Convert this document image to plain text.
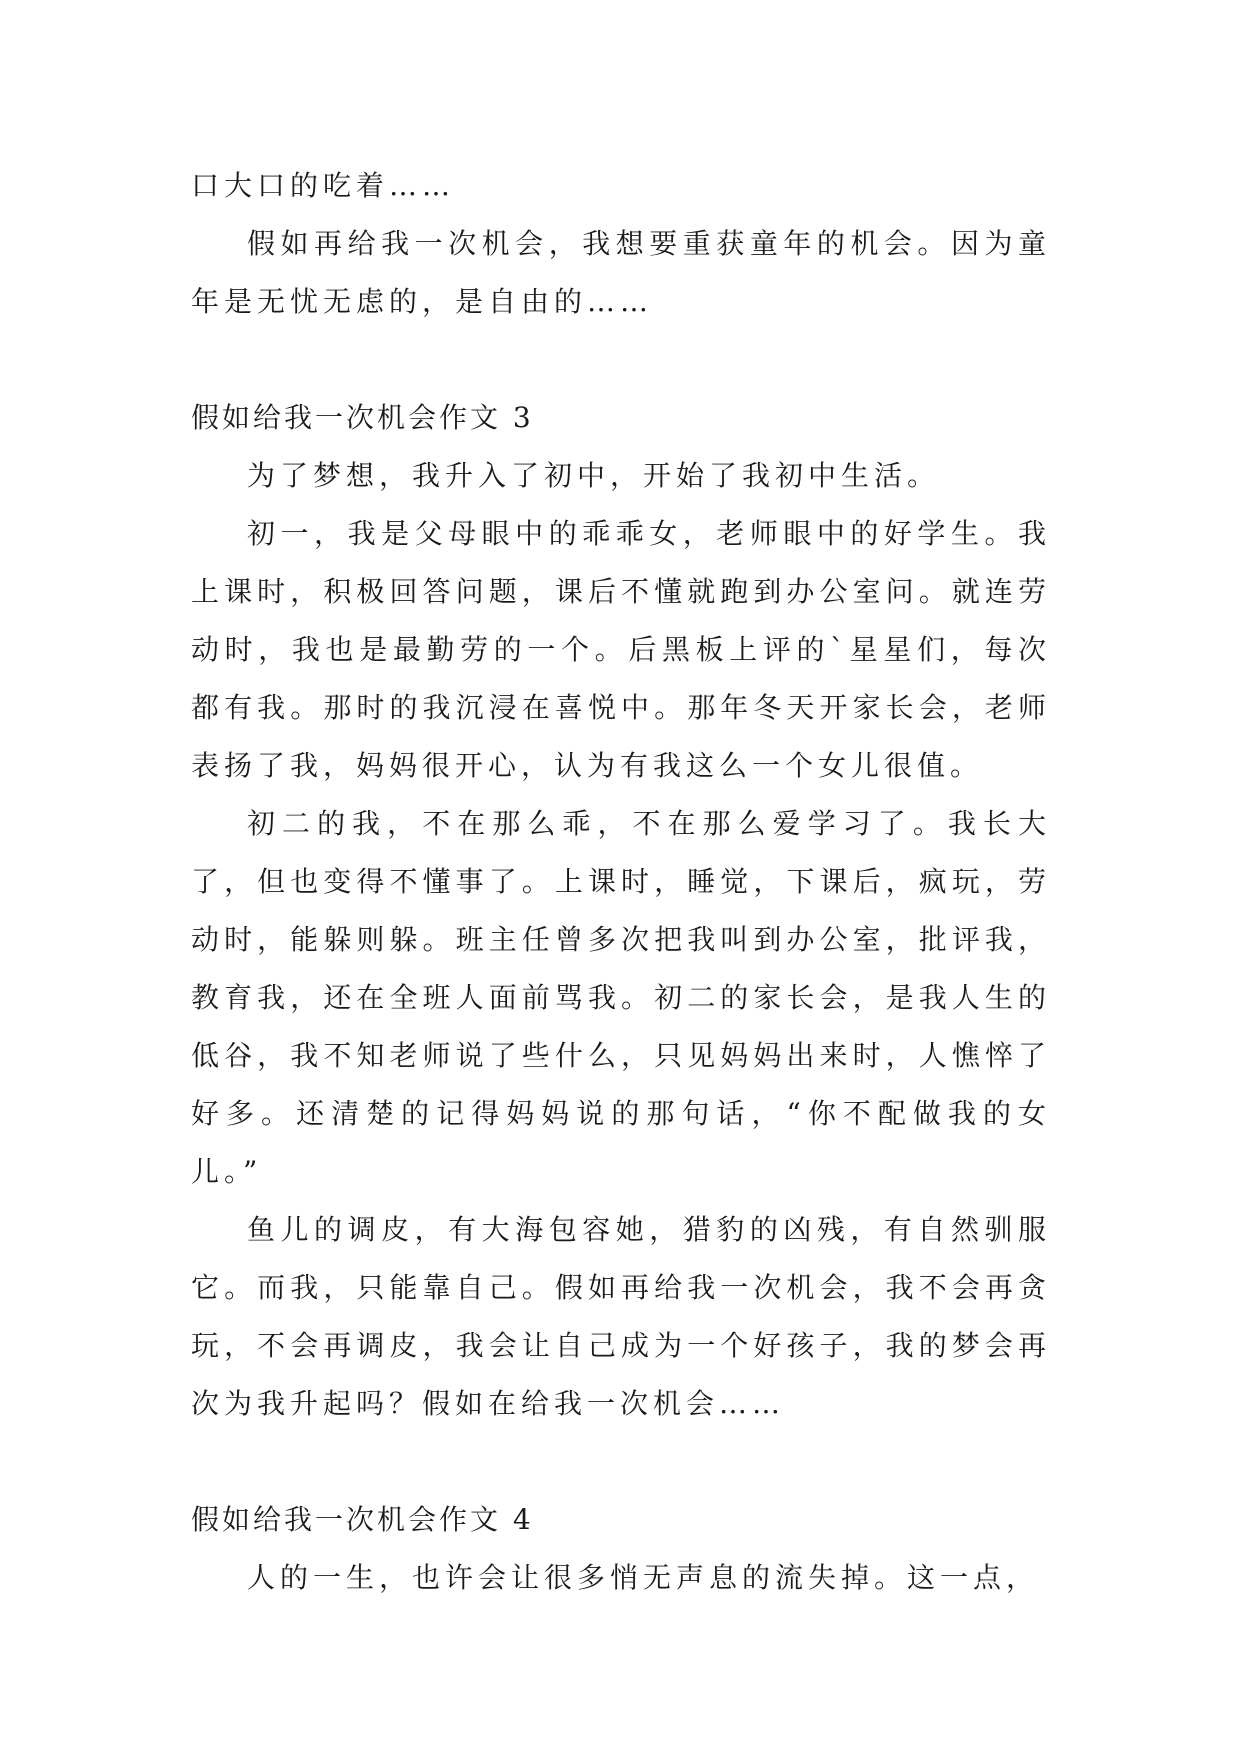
口大口的吃着……

假如再给我一次机会，我想要重获童年的机会。因为童年是无忧无虑的，是自由的……

假如给我一次机会作文 3

为了梦想，我升入了初中，开始了我初中生活。

初一，我是父母眼中的乖乖女，老师眼中的好学生。我上课时，积极回答问题，课后不懂就跑到办公室问。就连劳动时，我也是最勤劳的一个。后黑板上评的`星星们，每次都有我。那时的我沉浸在喜悦中。那年冬天开家长会，老师表扬了我，妈妈很开心，认为有我这么一个女儿很值。

初二的我，不在那么乖，不在那么爱学习了。我长大了，但也变得不懂事了。上课时，睡觉，下课后，疯玩，劳动时，能躲则躲。班主任曾多次把我叫到办公室，批评我，教育我，还在全班人面前骂我。初二的家长会，是我人生的低谷，我不知老师说了些什么，只见妈妈出来时，人憔悴了好多。还清楚的记得妈妈说的那句话，“你不配做我的女儿。”

鱼儿的调皮，有大海包容她，猎豹的凶残，有自然驯服它。而我，只能靠自己。假如再给我一次机会，我不会再贪玩，不会再调皮，我会让自己成为一个好孩子，我的梦会再次为我升起吗？假如在给我一次机会……

假如给我一次机会作文 4

人的一生，也许会让很多悄无声息的流失掉。这一点，
